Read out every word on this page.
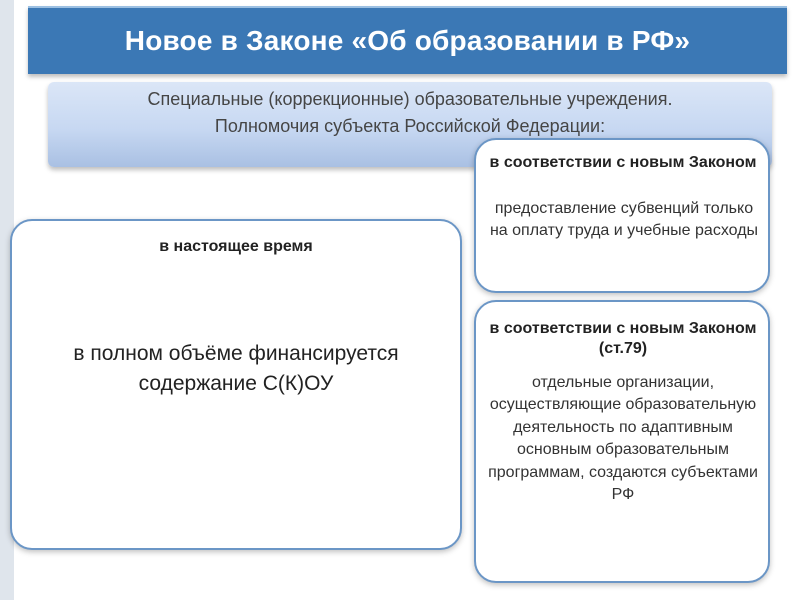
Новое в Законе «Об образовании в РФ»
Специальные (коррекционные) образовательные учреждения.
Полномочия субъекта Российской Федерации:
в настоящее время
в полном объёме финансируется содержание С(К)ОУ
в соответствии с новым Законом
предоставление субвенций только на оплату труда и учебные расходы
в соответствии с новым Законом (ст.79)
отдельные организации, осуществляющие образовательную деятельность по адаптивным основным образовательным программам, создаются субъектами РФ
